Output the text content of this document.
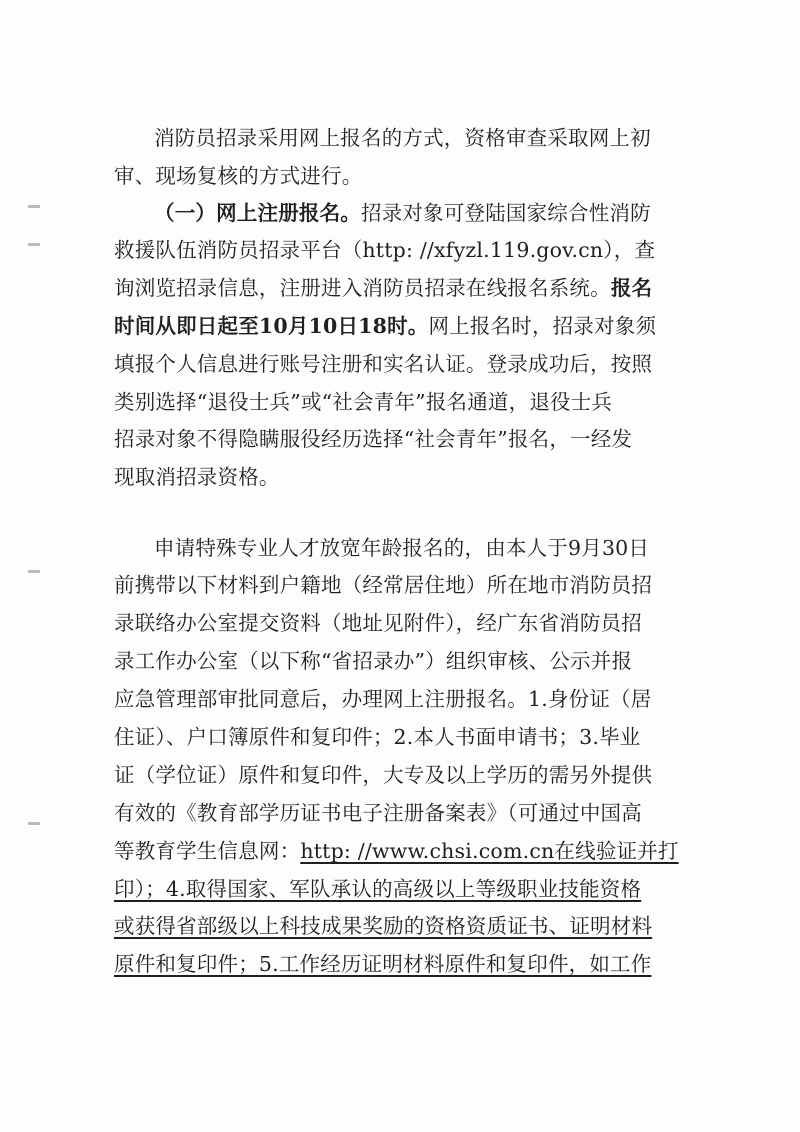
消防员招录采用网上报名的方式，资格审查采取网上初
审、现场复核的方式进行。
（一）网上注册报名。招录对象可登陆国家综合性消防
救援队伍消防员招录平台（http: //xfyzl.119.gov.cn），查
询浏览招录信息，注册进入消防员招录在线报名系统。报名
时间从即日起至10月10日18时。网上报名时，招录对象须
填报个人信息进行账号注册和实名认证。登录成功后，按照
类别选择“退役士兵”或“社会青年”报名通道，退役士兵
招录对象不得隐瞒服役经历选择“社会青年”报名，一经发
现取消招录资格。
申请特殊专业人才放宽年龄报名的，由本人于9月30日
前携带以下材料到户籍地（经常居住地）所在地市消防员招
录联络办公室提交资料（地址见附件），经广东省消防员招
录工作办公室（以下称“省招录办”）组织审核、公示并报
应急管理部审批同意后，办理网上注册报名。1.身份证（居
住证）、户口簿原件和复印件；2.本人书面申请书；3.毕业
证（学位证）原件和复印件，大专及以上学历的需另外提供
有效的《教育部学历证书电子注册备案表》（可通过中国高
等教育学生信息网：http: //www.chsi.com.cn在线验证并打
印）；4.取得国家、军队承认的高级以上等级职业技能资格
或获得省部级以上科技成果奖励的资格资质证书、证明材料
原件和复印件；5.工作经历证明材料原件和复印件，如工作
